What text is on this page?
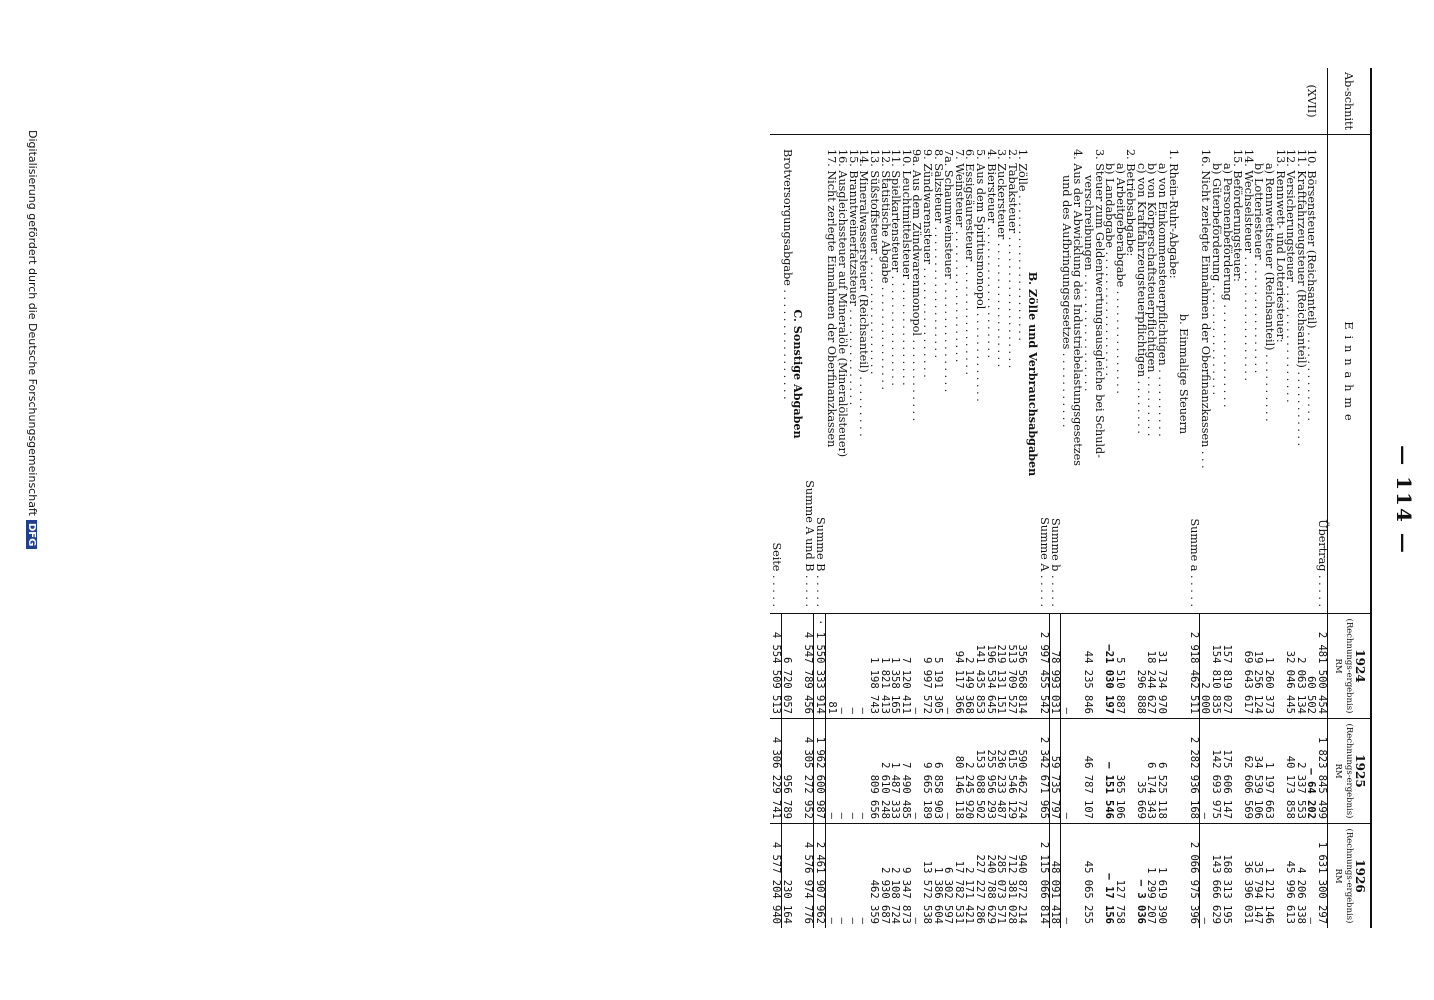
— 114 —
Ab-schnitt	Einnahme	1924
(Rechnungs-ergebnis)
RM	1925
(Rechnungs-ergebnis)
RM	1926
(Rechnungs-ergebnis)
RM

	Übertrag . . . . .	2 481 500 454	1 823 845 499	1 631 300 297
(XVII)	10. Börsensteuer (Reichsanteil) . . . . . . . . . . . . .	60 502	— 64 202	—
	11. Kraftfahrzeugsteuer (Reichsanteil) . . . . . . . . . . .	2 063 134	2 337 553	4 206 338
	12. Versicherungsteuer . . . . . . . . . . . . . . . . .	32 046 445	40 173 858	45 996 613
	13. Rennwett- und Lotteriesteuer:			
	a) Rennwettsteuer (Reichsanteil) . . . . . . . . . .	1 260 373	1 197 663	1 212 146
	b) Lotteriesteuer . . . . . . . . . . . . . . . .	19 256 124	34 539 106	35 794 147
	14. Wechselsteuer . . . . . . . . . . . . . . . . . .	69 643 617	62 606 569	36 396 031
	15. Beförderungsteuer:			
	a) Personenbeförderung . . . . . . . . . . . . . . .	157 819 027	175 606 147	168 313 195
	b) Güterbeförderung . . . . . . . . . . . . . . . .	154 810 835	142 693 975	143 666 629
	16. Nicht zerlegte Einnahmen der Oberfinanzkassen . . .	2 000	—	—
	Summe a . . . . .	2 918 462 511	2 282 936 168	2 066 975 396
	b. Einmalige Steuern			
	1. Rhein-Ruhr-Abgabe:			
	a) von Einkommensteuerpflichtigen . . . . . . . . . .	31 734 970	6 525 118	1 619 390
	b) von Körperschaftsteuerpflichtigen . . . . . . . . .	18 244 627	6 174 343	1 299 207
	c) von Kraftfahrzeugsteuerpflichtigen . . . . . . . .	296 888	35 669	— 3 036
	2. Betriebsabgabe:			
	a) Arbeitgeberabgabe . . . . . . . . . . . . . . .	5 510 887	365 106	127 758
	b) Landabgabe . . . . . . . . . . . . . . . . . .	—21 030 197	— 151 546	— 17 156
	3. Steuer zum Geldentwertungsausgleiche bei Schuld-			
	verschreibungen . . . . . . . . . . . . . . . . .	44 235 846	46 787 107	45 065 255
	4. Aus der Abwicklung des Industriebelastungsgesetzes			
	und des Aufbringungsgesetzes . . . . . . . . . . .	—	—	—
	Summe b . . . . .	78 993 031	59 735 797	48 091 418
	Summe A . . . . .	2 997 455 542	2 342 671 965	2 115 066 814
	B. Zölle und Verbrauchsabgaben			
	1. Zölle . . . . . . . . . . . . . . . . . . . . .	356 568 814	590 462 724	940 872 214
	2. Tabaksteuer . . . . . . . . . . . . . . . . . . .	513 709 527	615 546 129	712 381 028
	3. Zuckersteuer . . . . . . . . . . . . . . . . . .	219 131 151	236 233 487	285 073 571
	4. Biersteuer . . . . . . . . . . . . . . . . . . .	196 534 645	255 956 293	240 788 629
	5. Aus dem Spiritusmonopol . . . . . . . . . . . . .	141 435 853	153 088 502	227 227 286
	6. Essigsäuresteuer . . . . . . . . . . . . . . . .	2 149 368	2 245 920	2 171 421
	7. Weinsteuer . . . . . . . . . . . . . . . . . . .	94 117 366	80 146 118	17 782 531
	7a. Schaumweinsteuer . . . . . . . . . . . . . . . .	—	—	6 302 597
	8. Salzsteuer . . . . . . . . . . . . . . . . . . .	5 191 305	6 858 903	1 386 604
	9. Zündwarensteuer . . . . . . . . . . . . . . . .	9 997 572	9 665 189	13 572 538
	9a. Aus dem Zündwarenmonopol . . . . . . . . . . . .	—	—	—
	10. Leuchtmittelsteuer . . . . . . . . . . . . . . .	7 120 411	7 490 485	9 347 873
	11. Spielkartensteuer . . . . . . . . . . . . . . . .	1 358 165	1 487 333	2 108 724
	12. Statistische Abgabe . . . . . . . . . . . . . . .	1 821 413	2 610 248	2 930 687
	13. Süßstoffsteuer . . . . . . . . . . . . . . . . .	1 198 743	809 656	462 359
	14. Mineralwassersteuer (Reichsanteil) . . . . . . . . .	—	—	—
	15. Branntweinerfatzsteuer . . . . . . . . . . . . . .	—	—	—
	16. Ausgleichssteuer auf Mineralöle (Mineralölsteuer)	—	—	—
	17. Nicht zerlegte Einnahmen der Oberfinanzkassen	81	—	—
	Summe B . . . . .	· 1 550 333 914	1 962 600 987	2 461 907 962
	Summe A und B . . . . .	4 547 789 456	4 305 272 952	4 576 974 776
	C. Sonstige Abgaben			
	Brotversorgungsabgabe . . . . . . . . . . . . . . . .	6 720 057	956 789	230 164
	Seite . . . . .	4 554 509 513	4 306 229 741	4 577 204 940
Digitalisierung gefördert durch die Deutsche ForschungsgemeinschaftDFG
